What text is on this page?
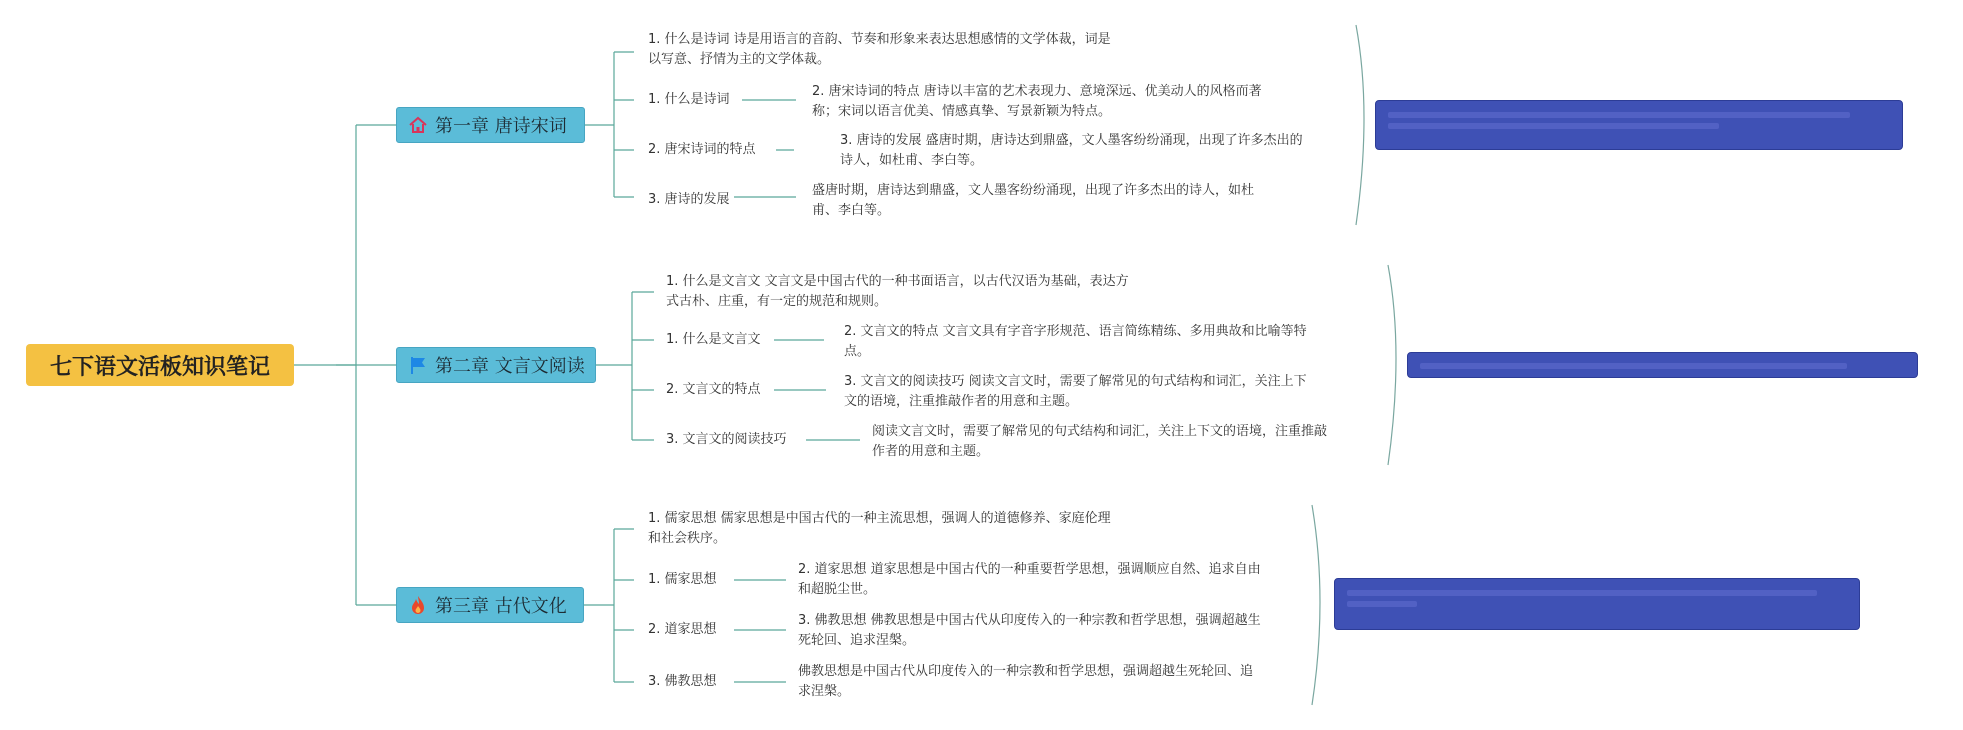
七下语文活板知识笔记
第一章 唐诗宋词
1. 什么是诗词 诗是用语言的音韵、节奏和形象来表达思想感情的文学体裁，词是
以写意、抒情为主的文学体裁。
1. 什么是诗词
2. 唐宋诗词的特点 唐诗以丰富的艺术表现力、意境深远、优美动人的风格而著
称；宋词以语言优美、情感真挚、写景新颖为特点。
2. 唐宋诗词的特点
3. 唐诗的发展 盛唐时期，唐诗达到鼎盛，文人墨客纷纷涌现，出现了许多杰出的
诗人，如杜甫、李白等。
3. 唐诗的发展
盛唐时期，唐诗达到鼎盛，文人墨客纷纷涌现，出现了许多杰出的诗人，如杜
甫、李白等。
第二章 文言文阅读
1. 什么是文言文 文言文是中国古代的一种书面语言，以古代汉语为基础，表达方
式古朴、庄重，有一定的规范和规则。
1. 什么是文言文
2. 文言文的特点 文言文具有字音字形规范、语言简练精练、多用典故和比喻等特
点。
2. 文言文的特点
3. 文言文的阅读技巧 阅读文言文时，需要了解常见的句式结构和词汇，关注上下
文的语境，注重推敲作者的用意和主题。
3. 文言文的阅读技巧
阅读文言文时，需要了解常见的句式结构和词汇，关注上下文的语境，注重推敲
作者的用意和主题。
第三章 古代文化
1. 儒家思想 儒家思想是中国古代的一种主流思想，强调人的道德修养、家庭伦理
和社会秩序。
1. 儒家思想
2. 道家思想 道家思想是中国古代的一种重要哲学思想，强调顺应自然、追求自由
和超脱尘世。
2. 道家思想
3. 佛教思想 佛教思想是中国古代从印度传入的一种宗教和哲学思想，强调超越生
死轮回、追求涅槃。
3. 佛教思想
佛教思想是中国古代从印度传入的一种宗教和哲学思想，强调超越生死轮回、追
求涅槃。
